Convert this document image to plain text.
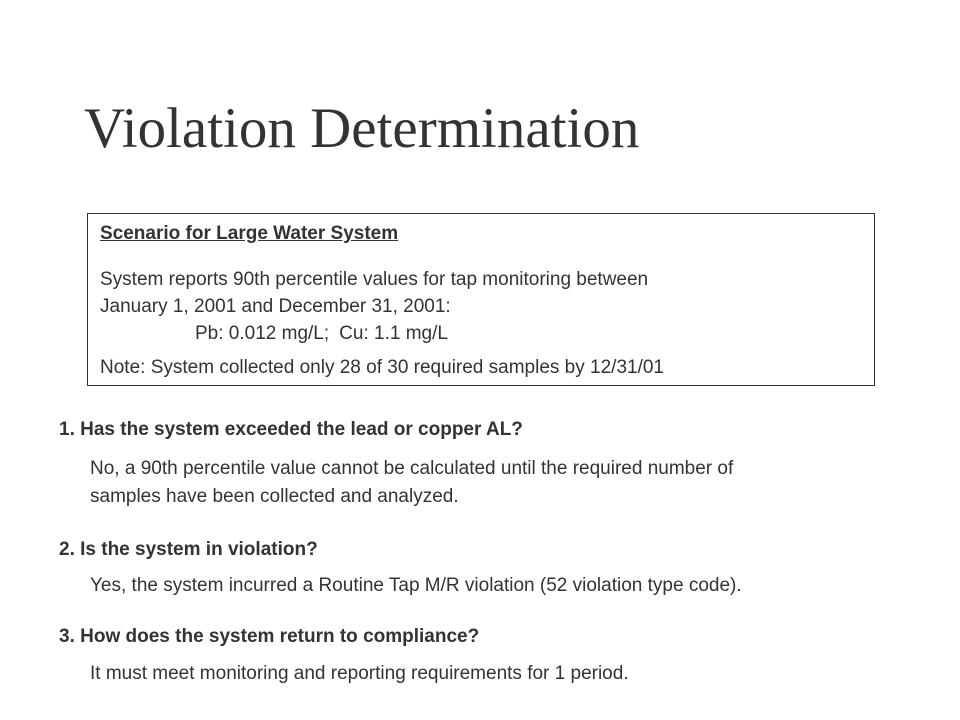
Violation Determination
Scenario for Large Water System
System reports 90th percentile values for tap monitoring between
January 1, 2001 and December 31, 2001:
Pb: 0.012 mg/L; Cu: 1.1 mg/L
Note: System collected only 28 of 30 required samples by 12/31/01
1. Has the system exceeded the lead or copper AL?
No, a 90th percentile value cannot be calculated until the required number of
samples have been collected and analyzed.
2. Is the system in violation?
Yes, the system incurred a Routine Tap M/R violation (52 violation type code).
3. How does the system return to compliance?
It must meet monitoring and reporting requirements for 1 period.
